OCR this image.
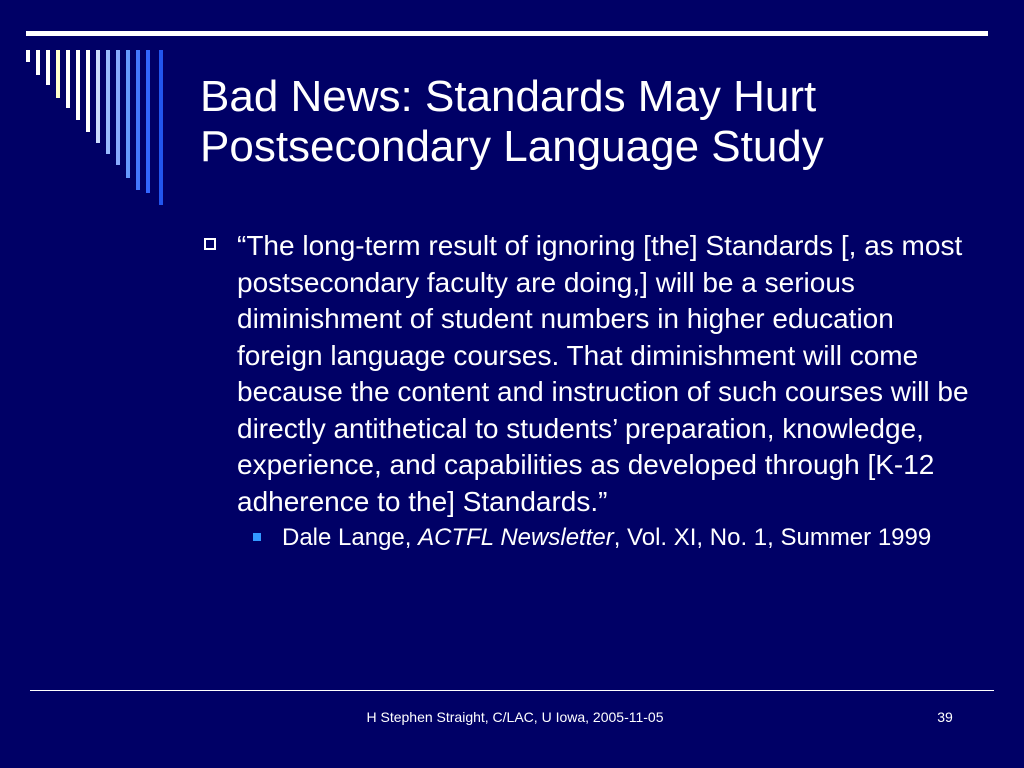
Bad News: Standards May Hurt Postsecondary Language Study
“The long-term result of ignoring [the] Standards [, as most postsecondary faculty are doing,] will be a serious diminishment of student numbers in higher education foreign language courses. That diminishment will come because the content and instruction of such courses will be directly antithetical to students’ preparation, knowledge, experience, and capabilities as developed through [K-12 adherence to the] Standards.”
Dale Lange, ACTFL Newsletter, Vol. XI, No. 1, Summer 1999
H Stephen Straight, C/LAC, U Iowa, 2005-11-05	39
